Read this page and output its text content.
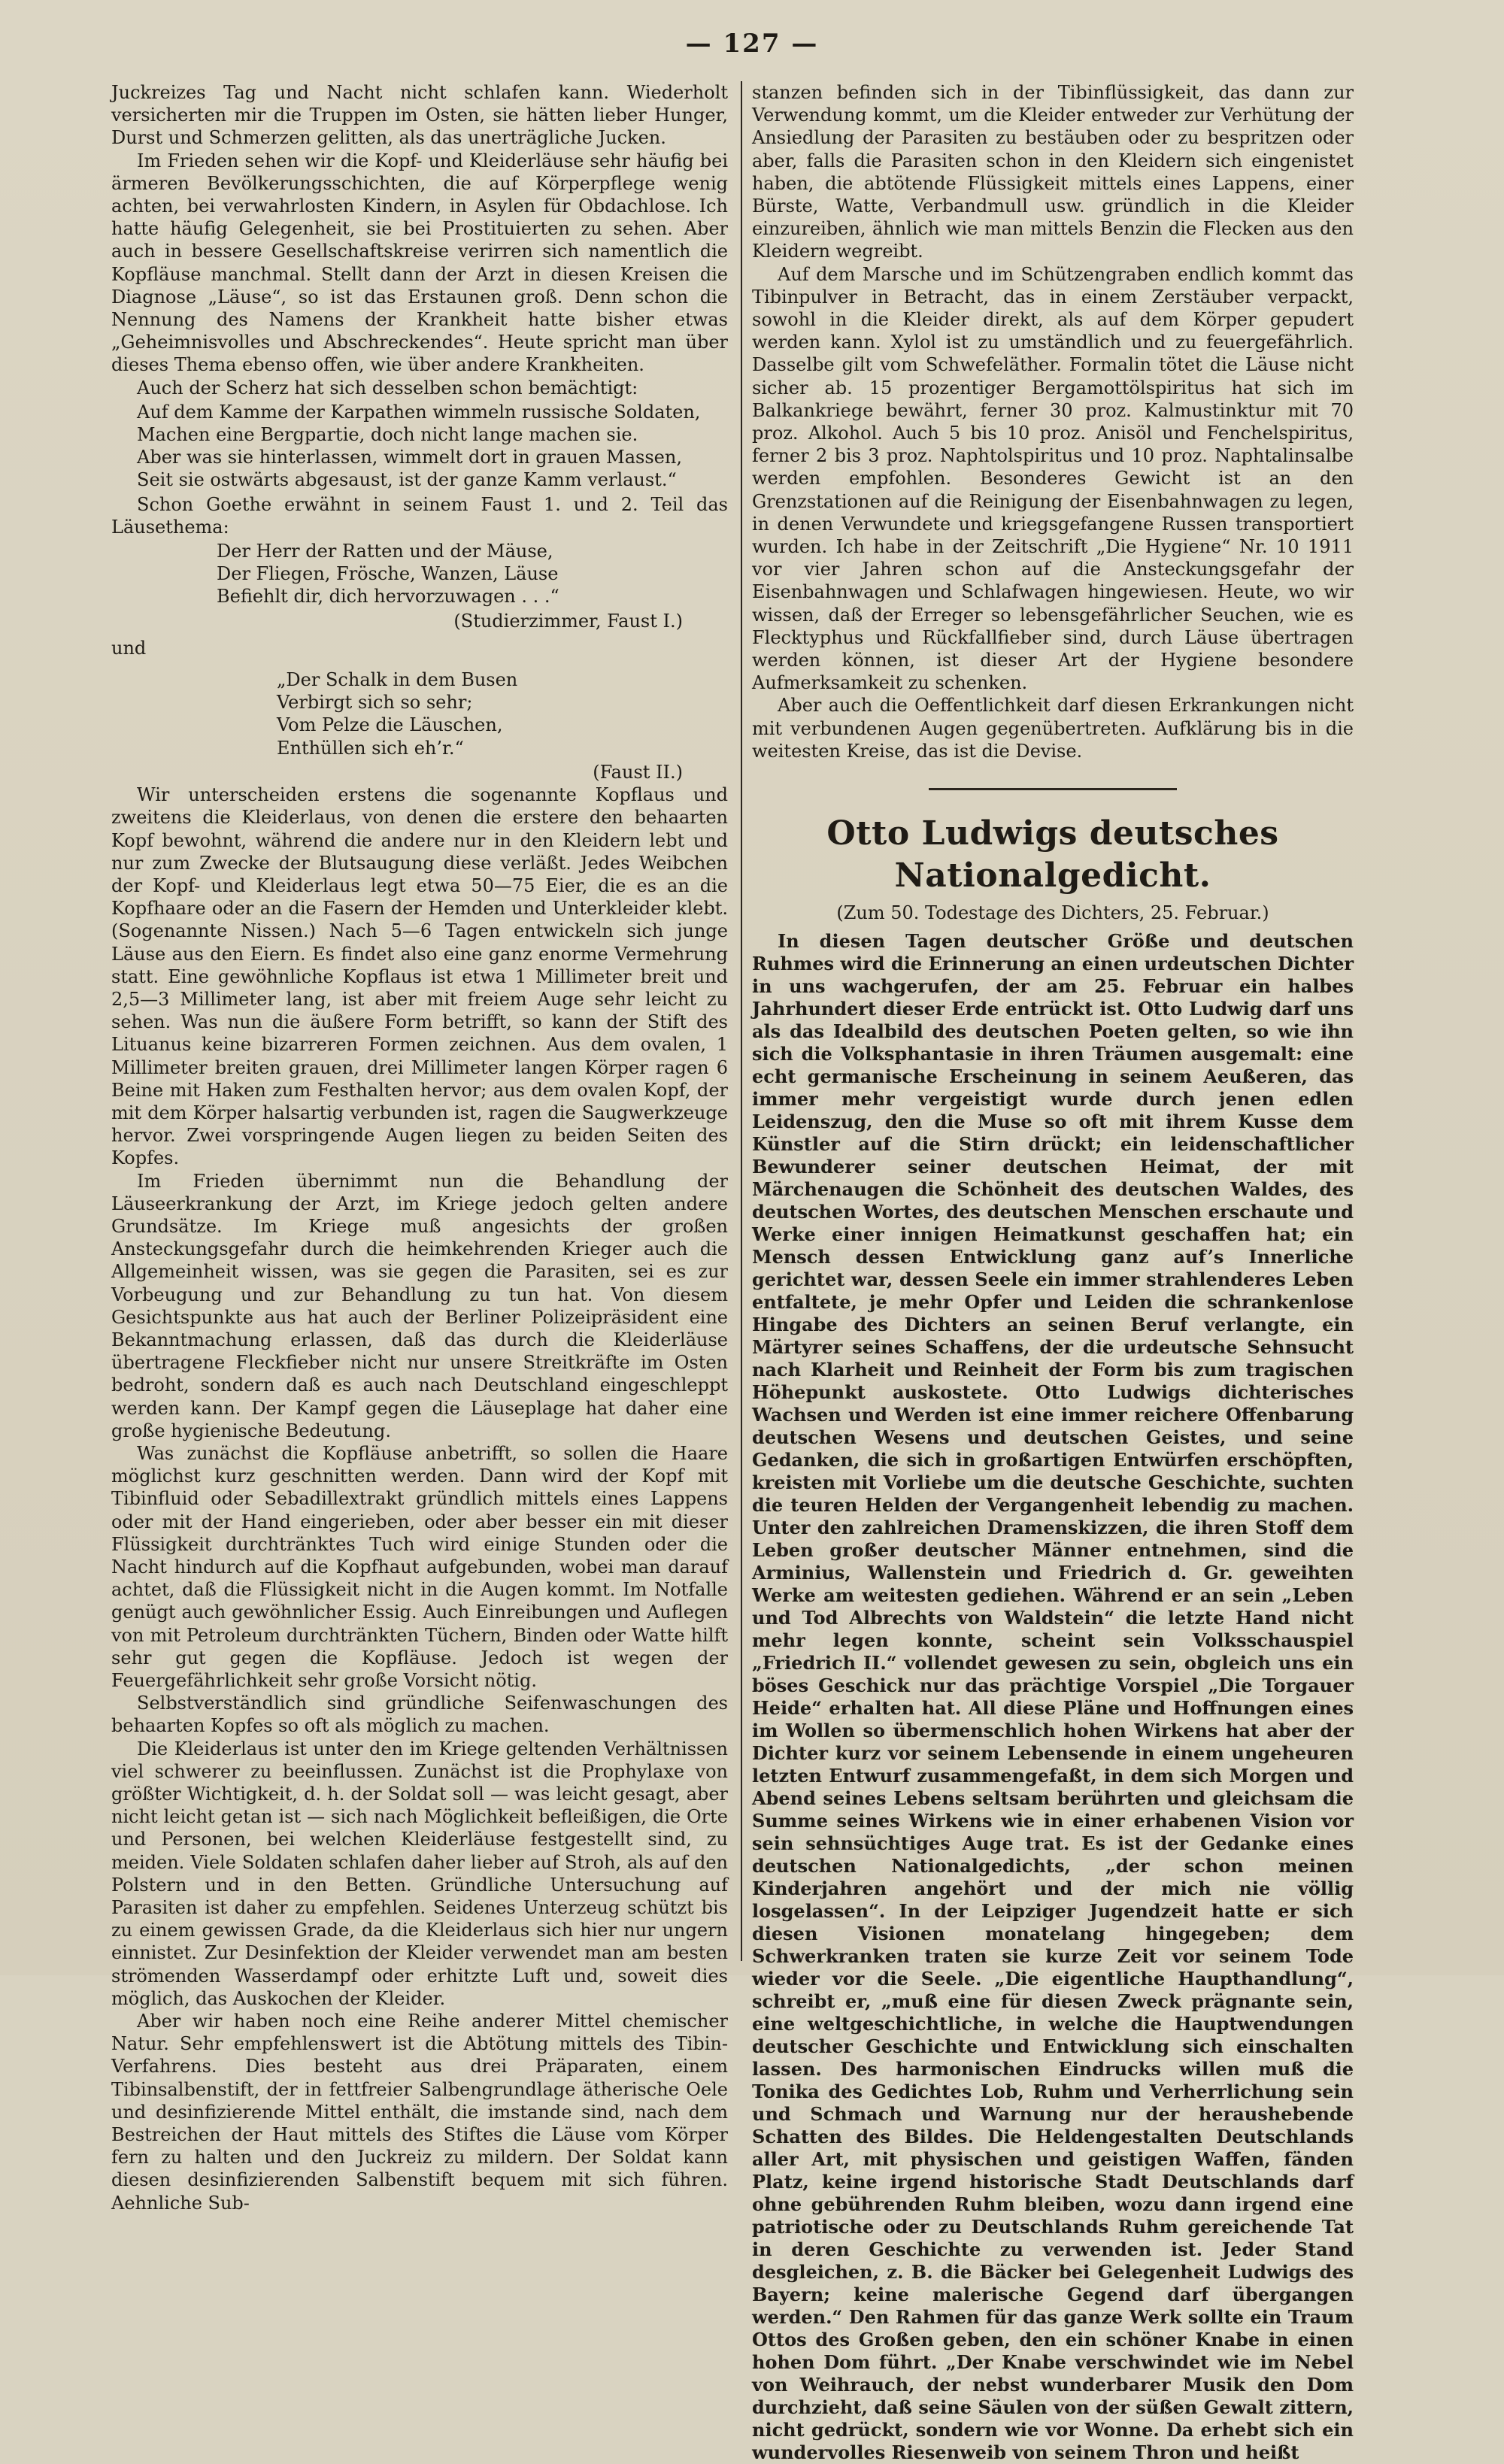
— 127 —

Juckreizes Tag und Nacht nicht schlafen kann. Wiederholt versicherten mir die Truppen im Osten, sie hätten lieber Hunger, Durst und Schmerzen gelitten, als das unerträgliche Jucken.

Im Frieden sehen wir die Kopf- und Kleiderläuse sehr häufig bei ärmeren Bevölkerungsschichten, die auf Körperpflege wenig achten, bei verwahrlosten Kindern, in Asylen für Obdachlose. Ich hatte häufig Gelegenheit, sie bei Prostituierten zu sehen. Aber auch in bessere Gesellschaftskreise verirren sich namentlich die Kopfläuse manchmal. Stellt dann der Arzt in diesen Kreisen die Diagnose „Läuse“, so ist das Erstaunen groß. Denn schon die Nennung des Namens der Krankheit hatte bisher etwas „Geheimnisvolles und Abschreckendes“. Heute spricht man über dieses Thema ebenso offen, wie über andere Krankheiten.

Auch der Scherz hat sich desselben schon bemächtigt:

Auf dem Kamme der Karpathen wimmeln russische Soldaten,
Machen eine Bergpartie, doch nicht lange machen sie.
Aber was sie hinterlassen, wimmelt dort in grauen Massen,
Seit sie ostwärts abgesaust, ist der ganze Kamm verlaust.“

Schon Goethe erwähnt in seinem Faust 1. und 2. Teil das Läusethema:

Der Herr der Ratten und der Mäuse,
Der Fliegen, Frösche, Wanzen, Läuse
Befiehlt dir, dich hervorzuwagen . . .“
(Studierzimmer, Faust I.)
und
„Der Schalk in dem Busen
Verbirgt sich so sehr;
Vom Pelze die Läuschen,
Enthüllen sich eh’r.“
(Faust II.)

Wir unterscheiden erstens die sogenannte Kopflaus und zweitens die Kleiderlaus, von denen die erstere den behaarten Kopf bewohnt, während die andere nur in den Kleidern lebt und nur zum Zwecke der Blutsaugung diese verläßt. Jedes Weibchen der Kopf- und Kleiderlaus legt etwa 50—75 Eier, die es an die Kopfhaare oder an die Fasern der Hemden und Unterkleider klebt. (Sogenannte Nissen.) Nach 5—6 Tagen entwickeln sich junge Läuse aus den Eiern. Es findet also eine ganz enorme Vermehrung statt. Eine gewöhnliche Kopflaus ist etwa 1 Millimeter breit und 2,5—3 Millimeter lang, ist aber mit freiem Auge sehr leicht zu sehen. Was nun die äußere Form betrifft, so kann der Stift des Lituanus keine bizarreren Formen zeichnen. Aus dem ovalen, 1 Millimeter breiten grauen, drei Millimeter langen Körper ragen 6 Beine mit Haken zum Festhalten hervor; aus dem ovalen Kopf, der mit dem Körper halsartig verbunden ist, ragen die Saugwerkzeuge hervor. Zwei vorspringende Augen liegen zu beiden Seiten des Kopfes.

Im Frieden übernimmt nun die Behandlung der Läuseerkrankung der Arzt, im Kriege jedoch gelten andere Grundsätze. Im Kriege muß angesichts der großen Ansteckungsgefahr durch die heimkehrenden Krieger auch die Allgemeinheit wissen, was sie gegen die Parasiten, sei es zur Vorbeugung und zur Behandlung zu tun hat. Von diesem Gesichtspunkte aus hat auch der Berliner Polizeipräsident eine Bekanntmachung erlassen, daß das durch die Kleiderläuse übertragene Fleckfieber nicht nur unsere Streitkräfte im Osten bedroht, sondern daß es auch nach Deutschland eingeschleppt werden kann. Der Kampf gegen die Läuseplage hat daher eine große hygienische Bedeutung.

Was zunächst die Kopfläuse anbetrifft, so sollen die Haare möglichst kurz geschnitten werden. Dann wird der Kopf mit Tibinfluid oder Sebadillextrakt gründlich mittels eines Lappens oder mit der Hand eingerieben, oder aber besser ein mit dieser Flüssigkeit durchtränktes Tuch wird einige Stunden oder die Nacht hindurch auf die Kopfhaut aufgebunden, wobei man darauf achtet, daß die Flüssigkeit nicht in die Augen kommt. Im Notfalle genügt auch gewöhnlicher Essig. Auch Einreibungen und Auflegen von mit Petroleum durchtränkten Tüchern, Binden oder Watte hilft sehr gut gegen die Kopfläuse. Jedoch ist wegen der Feuergefährlichkeit sehr große Vorsicht nötig.

Selbstverständlich sind gründliche Seifenwaschungen des behaarten Kopfes so oft als möglich zu machen.

Die Kleiderlaus ist unter den im Kriege geltenden Verhältnissen viel schwerer zu beeinflussen. Zunächst ist die Prophylaxe von größter Wichtigkeit, d. h. der Soldat soll — was leicht gesagt, aber nicht leicht getan ist — sich nach Möglichkeit befleißigen, die Orte und Personen, bei welchen Kleiderläuse festgestellt sind, zu meiden. Viele Soldaten schlafen daher lieber auf Stroh, als auf den Polstern und in den Betten. Gründliche Untersuchung auf Parasiten ist daher zu empfehlen. Seidenes Unterzeug schützt bis zu einem gewissen Grade, da die Kleiderlaus sich hier nur ungern einnistet. Zur Desinfektion der Kleider verwendet man am besten strömenden Wasserdampf oder erhitzte Luft und, soweit dies möglich, das Auskochen der Kleider.

Aber wir haben noch eine Reihe anderer Mittel chemischer Natur. Sehr empfehlenswert ist die Abtötung mittels des Tibin-Verfahrens. Dies besteht aus drei Präparaten, einem Tibinsalbenstift, der in fettfreier Salbengrundlage ätherische Oele und desinfizierende Mittel enthält, die imstande sind, nach dem Bestreichen der Haut mittels des Stiftes die Läuse vom Körper fern zu halten und den Juckreiz zu mildern. Der Soldat kann diesen desinfizierenden Salbenstift bequem mit sich führen. Aehnliche Sub-

stanzen befinden sich in der Tibinflüssigkeit, das dann zur Verwendung kommt, um die Kleider entweder zur Verhütung der Ansiedlung der Parasiten zu bestäuben oder zu bespritzen oder aber, falls die Parasiten schon in den Kleidern sich eingenistet haben, die abtötende Flüssigkeit mittels eines Lappens, einer Bürste, Watte, Verbandmull usw. gründlich in die Kleider einzureiben, ähnlich wie man mittels Benzin die Flecken aus den Kleidern wegreibt.

Auf dem Marsche und im Schützengraben endlich kommt das Tibinpulver in Betracht, das in einem Zerstäuber verpackt, sowohl in die Kleider direkt, als auf dem Körper gepudert werden kann. Xylol ist zu umständlich und zu feuergefährlich. Dasselbe gilt vom Schwefeläther. Formalin tötet die Läuse nicht sicher ab. 15 prozentiger Bergamottölspiritus hat sich im Balkankriege bewährt, ferner 30 proz. Kalmustinktur mit 70 proz. Alkohol. Auch 5 bis 10 proz. Anisöl und Fenchelspiritus, ferner 2 bis 3 proz. Naphtolspiritus und 10 proz. Naphtalinsalbe werden empfohlen. Besonderes Gewicht ist an den Grenzstationen auf die Reinigung der Eisenbahnwagen zu legen, in denen Verwundete und kriegsgefangene Russen transportiert wurden. Ich habe in der Zeitschrift „Die Hygiene“ Nr. 10 1911 vor vier Jahren schon auf die Ansteckungsgefahr der Eisenbahnwagen und Schlafwagen hingewiesen. Heute, wo wir wissen, daß der Erreger so lebensgefährlicher Seuchen, wie es Flecktyphus und Rückfallfieber sind, durch Läuse übertragen werden können, ist dieser Art der Hygiene besondere Aufmerksamkeit zu schenken.

Aber auch die Oeffentlichkeit darf diesen Erkrankungen nicht mit verbundenen Augen gegenübertreten. Aufklärung bis in die weitesten Kreise, das ist die Devise.

Otto Ludwigs deutsches Nationalgedicht.
(Zum 50. Todestage des Dichters, 25. Februar.)

In diesen Tagen deutscher Größe und deutschen Ruhmes wird die Erinnerung an einen urdeutschen Dichter in uns wachgerufen, der am 25. Februar ein halbes Jahrhundert dieser Erde entrückt ist. Otto Ludwig darf uns als das Idealbild des deutschen Poeten gelten, so wie ihn sich die Volksphantasie in ihren Träumen ausgemalt: eine echt germanische Erscheinung in seinem Aeußeren, das immer mehr vergeistigt wurde durch jenen edlen Leidenszug, den die Muse so oft mit ihrem Kusse dem Künstler auf die Stirn drückt; ein leidenschaftlicher Bewunderer seiner deutschen Heimat, der mit Märchenaugen die Schönheit des deutschen Waldes, des deutschen Wortes, des deutschen Menschen erschaute und Werke einer innigen Heimatkunst geschaffen hat; ein Mensch dessen Entwicklung ganz auf’s Innerliche gerichtet war, dessen Seele ein immer strahlenderes Leben entfaltete, je mehr Opfer und Leiden die schrankenlose Hingabe des Dichters an seinen Beruf verlangte, ein Märtyrer seines Schaffens, der die urdeutsche Sehnsucht nach Klarheit und Reinheit der Form bis zum tragischen Höhepunkt auskostete. Otto Ludwigs dichterisches Wachsen und Werden ist eine immer reichere Offenbarung deutschen Wesens und deutschen Geistes, und seine Gedanken, die sich in großartigen Entwürfen erschöpften, kreisten mit Vorliebe um die deutsche Geschichte, suchten die teuren Helden der Vergangenheit lebendig zu machen. Unter den zahlreichen Dramenskizzen, die ihren Stoff dem Leben großer deutscher Männer entnehmen, sind die Arminius, Wallenstein und Friedrich d. Gr. geweihten Werke am weitesten gediehen. Während er an sein „Leben und Tod Albrechts von Waldstein“ die letzte Hand nicht mehr legen konnte, scheint sein Volksschauspiel „Friedrich II.“ vollendet gewesen zu sein, obgleich uns ein böses Geschick nur das prächtige Vorspiel „Die Torgauer Heide“ erhalten hat. All diese Pläne und Hoffnungen eines im Wollen so übermenschlich hohen Wirkens hat aber der Dichter kurz vor seinem Lebensende in einem ungeheuren letzten Entwurf zusammengefaßt, in dem sich Morgen und Abend seines Lebens seltsam berührten und gleichsam die Summe seines Wirkens wie in einer erhabenen Vision vor sein sehnsüchtiges Auge trat. Es ist der Gedanke eines deutschen Nationalgedichts, „der schon meinen Kinderjahren angehört und der mich nie völlig losgelassen“. In der Leipziger Jugendzeit hatte er sich diesen Visionen monatelang hingegeben; dem Schwerkranken traten sie kurze Zeit vor seinem Tode wieder vor die Seele. „Die eigentliche Haupthandlung“, schreibt er, „muß eine für diesen Zweck prägnante sein, eine weltgeschichtliche, in welche die Hauptwendungen deutscher Geschichte und Entwicklung sich einschalten lassen. Des harmonischen Eindrucks willen muß die Tonika des Gedichtes Lob, Ruhm und Verherrlichung sein und Schmach und Warnung nur der heraushebende Schatten des Bildes. Die Heldengestalten Deutschlands aller Art, mit physischen und geistigen Waffen, fänden Platz, keine irgend historische Stadt Deutschlands darf ohne gebührenden Ruhm bleiben, wozu dann irgend eine patriotische oder zu Deutschlands Ruhm gereichende Tat in deren Geschichte zu verwenden ist. Jeder Stand desgleichen, z. B. die Bäcker bei Gelegenheit Ludwigs des Bayern; keine malerische Gegend darf übergangen werden.“ Den Rahmen für das ganze Werk sollte ein Traum Ottos des Großen geben, den ein schöner Knabe in einen hohen Dom führt. „Der Knabe verschwindet wie im Nebel von Weihrauch, der nebst wunderbarer Musik den Dom durchzieht, daß seine Säulen von der süßen Gewalt zittern, nicht gedrückt, sondern wie vor Wonne. Da erhebt sich ein wundervolles Riesenweib von seinem Thron und heißt
